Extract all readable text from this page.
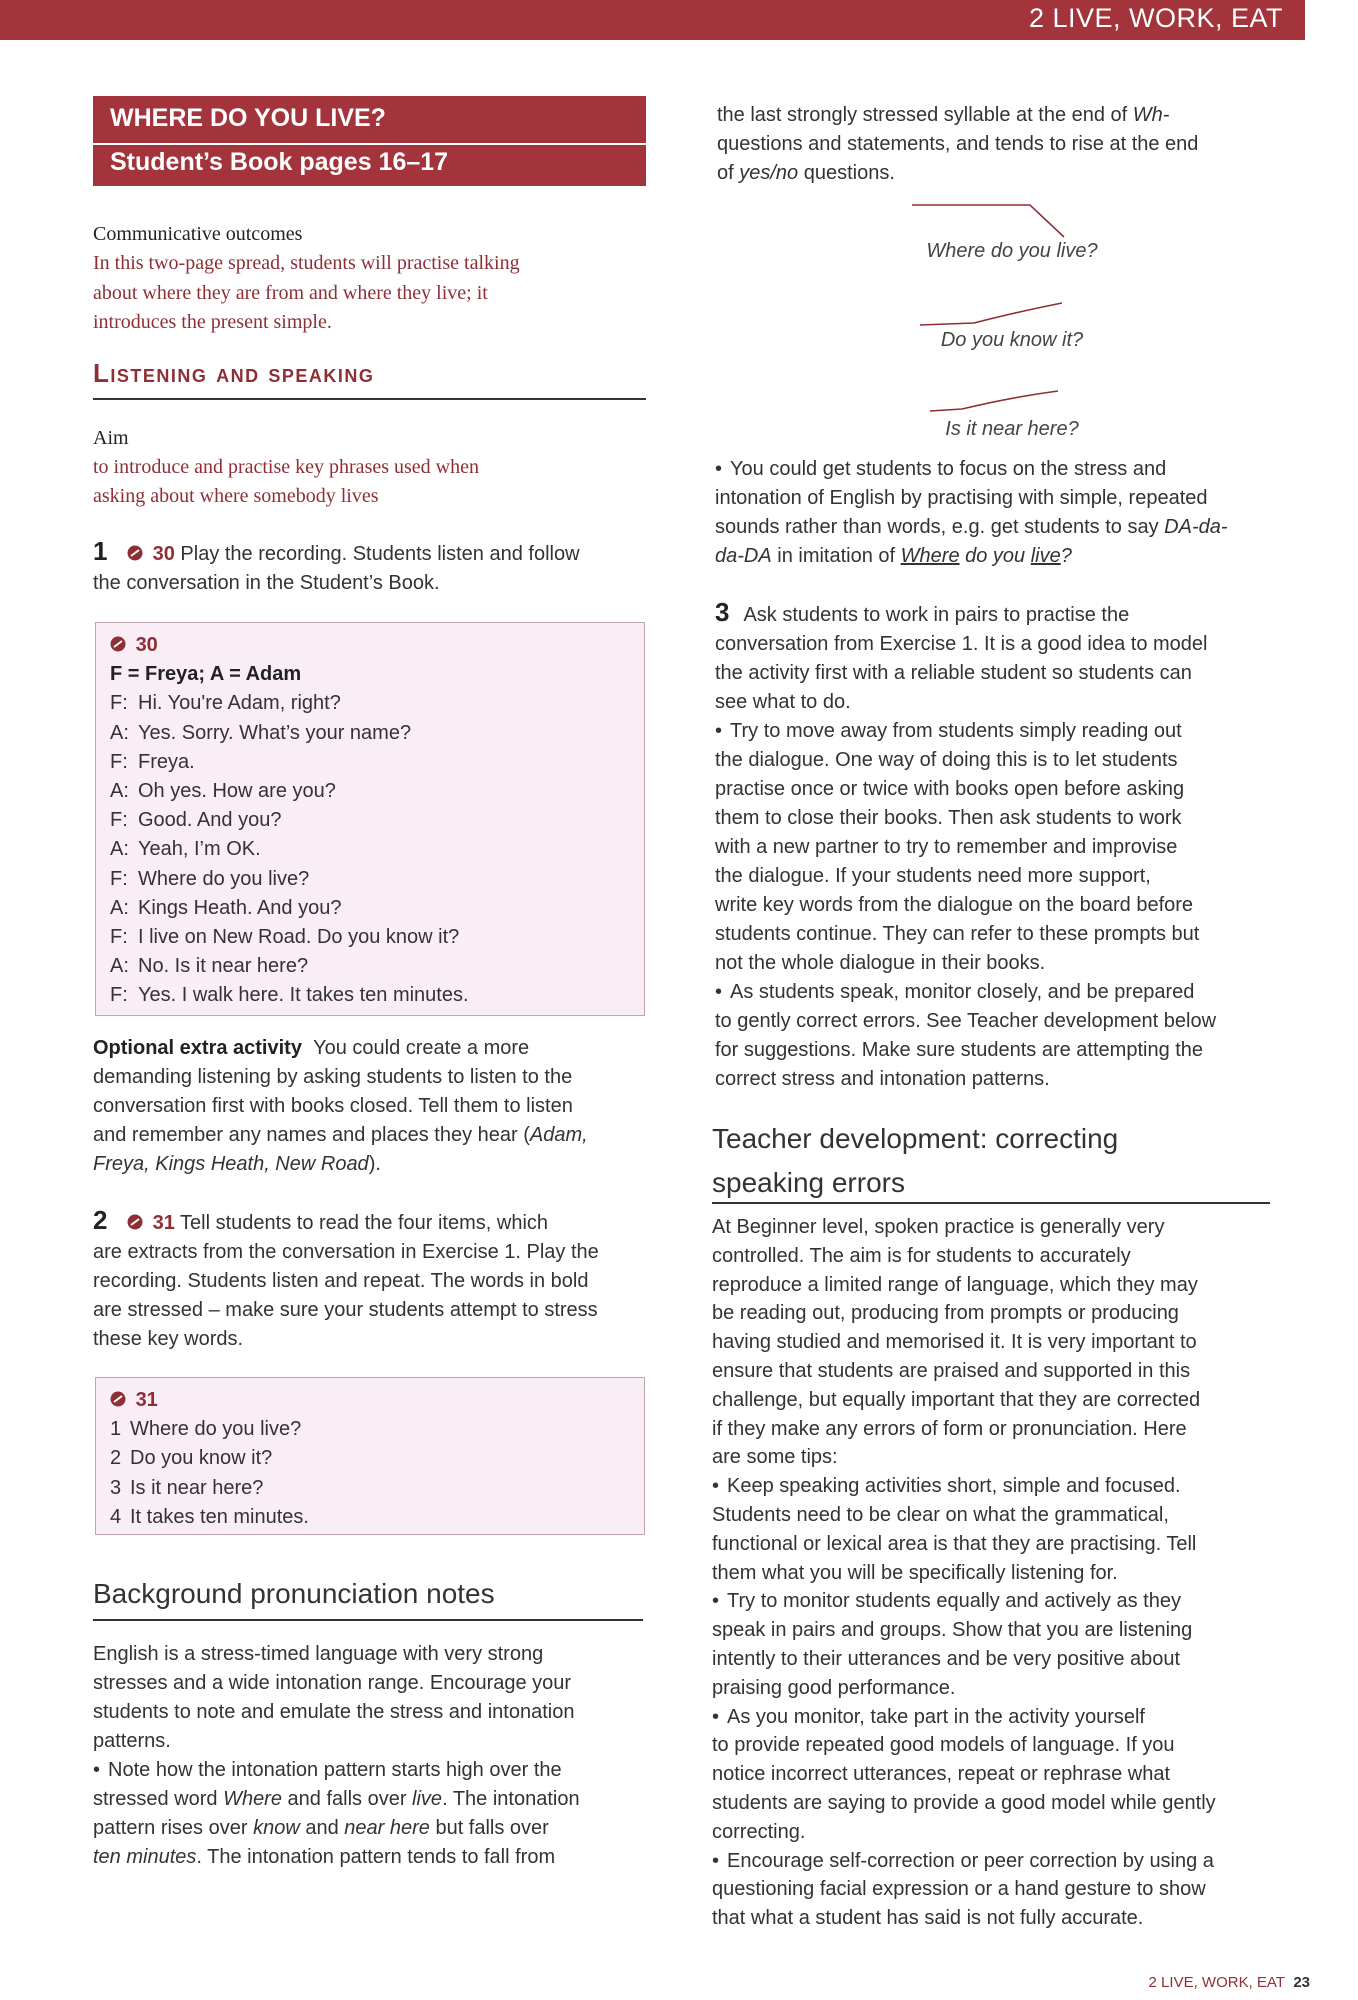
2 LIVE, WORK, EAT
WHERE DO YOU LIVE?
Student’s Book pages 16–17
Communicative outcomes
In this two-page spread, students will practise talking
about where they are from and where they live; it
introduces the present simple.
Listening and speaking
Aim
to introduce and practise key phrases used when
asking about where somebody lives
1 30 Play the recording. Students listen and follow
the conversation in the Student’s Book.
30
F = Freya; A = Adam
F: Hi. You're Adam, right?
A: Yes. Sorry. What’s your name?
F: Freya.
A: Oh yes. How are you?
F: Good. And you?
A: Yeah, I’m OK.
F: Where do you live?
A: Kings Heath. And you?
F: I live on New Road. Do you know it?
A: No. Is it near here?
F: Yes. I walk here. It takes ten minutes.
Optional extra activity You could create a more
demanding listening by asking students to listen to the
conversation first with books closed. Tell them to listen
and remember any names and places they hear (Adam,
Freya, Kings Heath, New Road).
2 31 Tell students to read the four items, which
are extracts from the conversation in Exercise 1. Play the
recording. Students listen and repeat. The words in bold
are stressed – make sure your students attempt to stress
these key words.
31
1 Where do you live?
2 Do you know it?
3 Is it near here?
4 It takes ten minutes.
Background pronunciation notes
English is a stress-timed language with very strong
stresses and a wide intonation range. Encourage your
students to note and emulate the stress and intonation
patterns.
• Note how the intonation pattern starts high over the
stressed word Where and falls over live. The intonation
pattern rises over know and near here but falls over
ten minutes. The intonation pattern tends to fall from
the last strongly stressed syllable at the end of Wh-
questions and statements, and tends to rise at the end
of yes/no questions.
Where do you live?
Do you know it?
Is it near here?
• You could get students to focus on the stress and
intonation of English by practising with simple, repeated
sounds rather than words, e.g. get students to say DA-da-
da-DA in imitation of Where do you live?
3 Ask students to work in pairs to practise the
conversation from Exercise 1. It is a good idea to model
the activity first with a reliable student so students can
see what to do.
• Try to move away from students simply reading out
the dialogue. One way of doing this is to let students
practise once or twice with books open before asking
them to close their books. Then ask students to work
with a new partner to try to remember and improvise
the dialogue. If your students need more support,
write key words from the dialogue on the board before
students continue. They can refer to these prompts but
not the whole dialogue in their books.
• As students speak, monitor closely, and be prepared
to gently correct errors. See Teacher development below
for suggestions. Make sure students are attempting the
correct stress and intonation patterns.
Teacher development: correcting
speaking errors
At Beginner level, spoken practice is generally very
controlled. The aim is for students to accurately
reproduce a limited range of language, which they may
be reading out, producing from prompts or producing
having studied and memorised it. It is very important to
ensure that students are praised and supported in this
challenge, but equally important that they are corrected
if they make any errors of form or pronunciation. Here
are some tips:
• Keep speaking activities short, simple and focused.
Students need to be clear on what the grammatical,
functional or lexical area is that they are practising. Tell
them what you will be specifically listening for.
• Try to monitor students equally and actively as they
speak in pairs and groups. Show that you are listening
intently to their utterances and be very positive about
praising good performance.
• As you monitor, take part in the activity yourself
to provide repeated good models of language. If you
notice incorrect utterances, repeat or rephrase what
students are saying to provide a good model while gently
correcting.
• Encourage self-correction or peer correction by using a
questioning facial expression or a hand gesture to show
that what a student has said is not fully accurate.
2 LIVE, WORK, EAT 23
